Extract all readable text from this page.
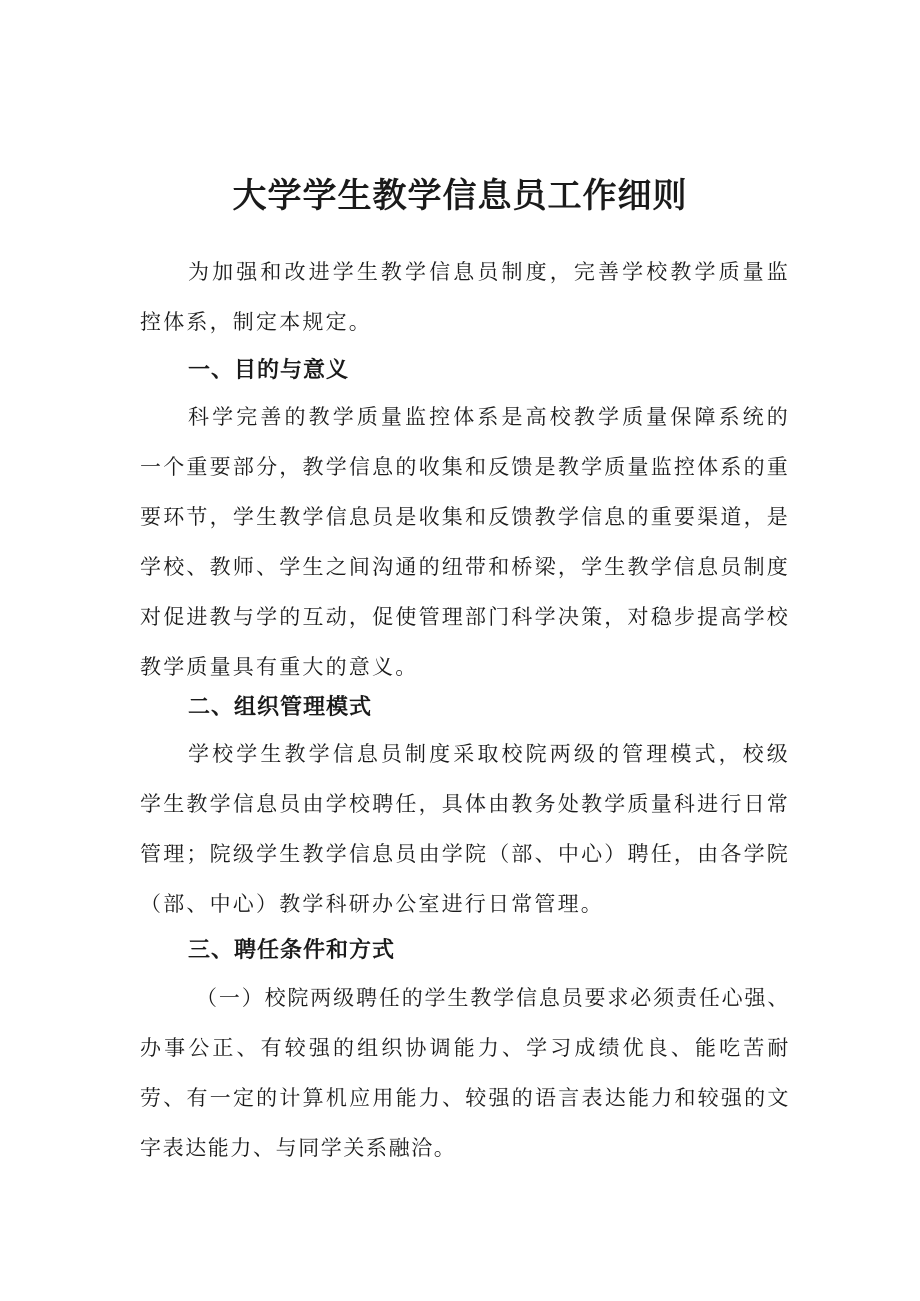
大学学生教学信息员工作细则

为加强和改进学生教学信息员制度，完善学校教学质量监控体系，制定本规定。

一、目的与意义

科学完善的教学质量监控体系是高校教学质量保障系统的一个重要部分，教学信息的收集和反馈是教学质量监控体系的重要环节，学生教学信息员是收集和反馈教学信息的重要渠道，是学校、教师、学生之间沟通的纽带和桥梁，学生教学信息员制度对促进教与学的互动，促使管理部门科学决策，对稳步提高学校教学质量具有重大的意义。

二、组织管理模式

学校学生教学信息员制度采取校院两级的管理模式，校级学生教学信息员由学校聘任，具体由教务处教学质量科进行日常管理；院级学生教学信息员由学院（部、中心）聘任，由各学院（部、中心）教学科研办公室进行日常管理。

三、聘任条件和方式

（一）校院两级聘任的学生教学信息员要求必须责任心强、办事公正、有较强的组织协调能力、学习成绩优良、能吃苦耐劳、有一定的计算机应用能力、较强的语言表达能力和较强的文字表达能力、与同学关系融洽。
